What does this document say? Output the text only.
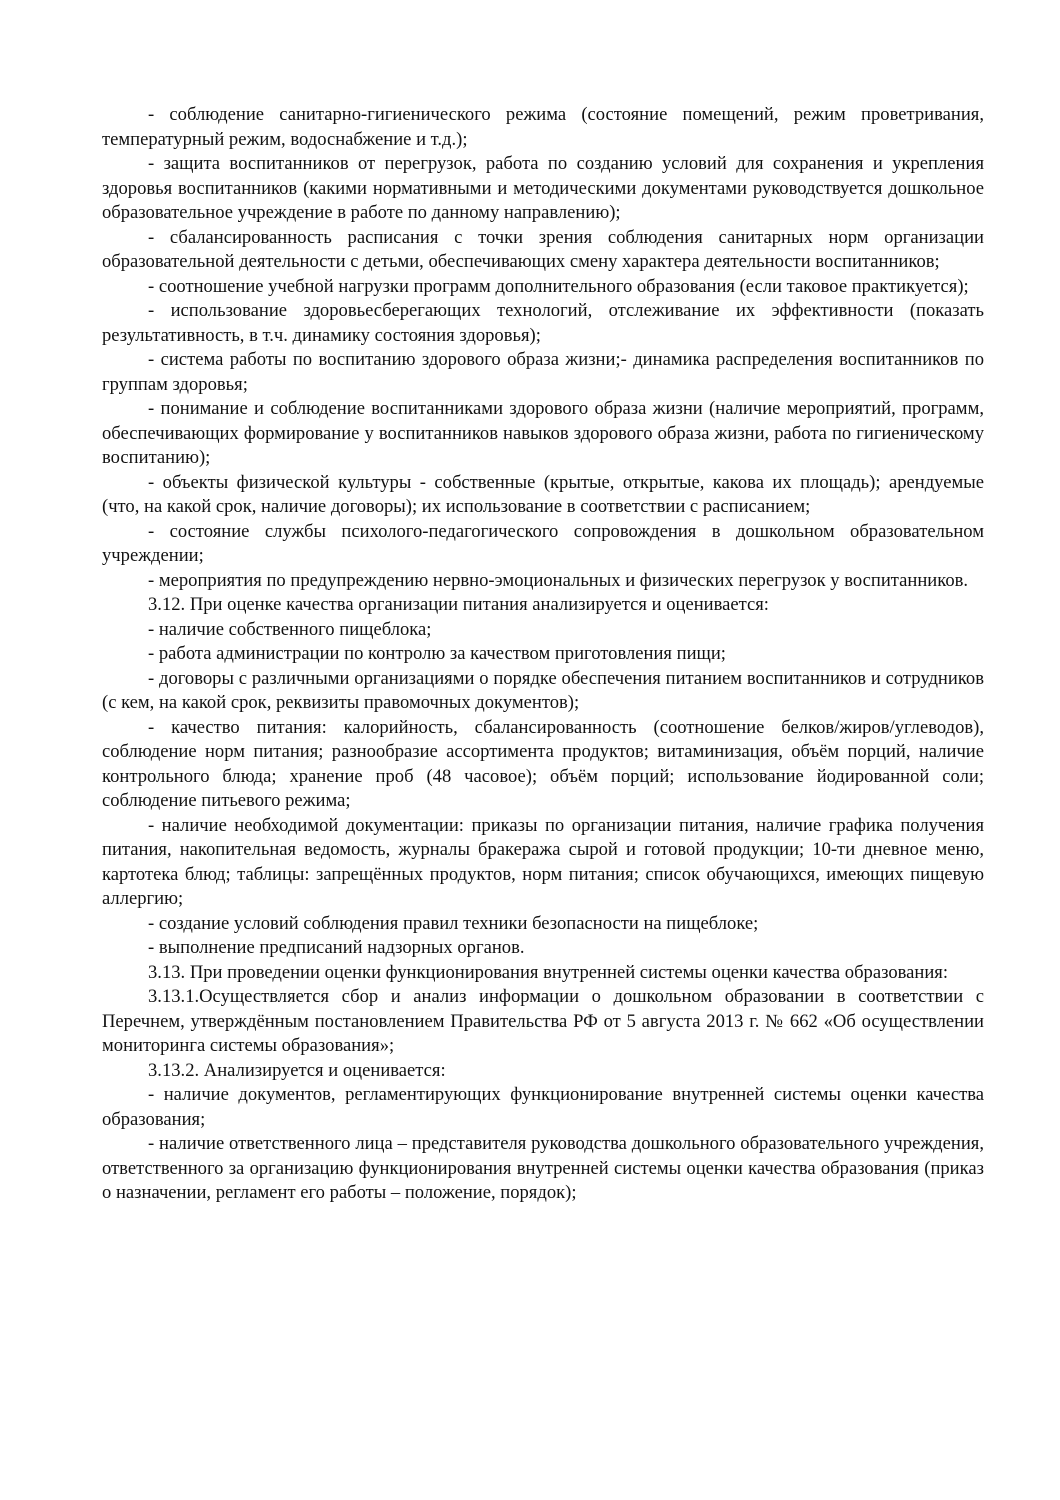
- соблюдение санитарно-гигиенического режима (состояние помещений, режим проветривания, температурный режим, водоснабжение и т.д.);

- защита воспитанников от перегрузок, работа по созданию условий для сохранения и укрепления здоровья воспитанников (какими нормативными и методическими документами руководствуется дошкольное образовательное учреждение в работе по данному направлению);

- сбалансированность расписания с точки зрения соблюдения санитарных норм организации образовательной деятельности с детьми, обеспечивающих смену характера деятельности воспитанников;

- соотношение учебной нагрузки программ дополнительного образования (если таковое практикуется);

- использование здоровьесберегающих технологий, отслеживание их эффективности (показать результативность, в т.ч. динамику состояния здоровья);

- система работы по воспитанию здорового образа жизни;- динамика распределения воспитанников по группам здоровья;

- понимание и соблюдение воспитанниками здорового образа жизни (наличие мероприятий, программ, обеспечивающих формирование у воспитанников навыков здорового образа жизни, работа по гигиеническому воспитанию);

- объекты физической культуры - собственные (крытые, открытые, какова их площадь); арендуемые (что, на какой срок, наличие договоры); их использование в соответствии с расписанием;

- состояние службы психолого-педагогического сопровождения в дошкольном образовательном учреждении;

- мероприятия по предупреждению нервно-эмоциональных и физических перегрузок у воспитанников.

3.12. При оценке качества организации питания анализируется и оценивается:

- наличие собственного пищеблока;

- работа администрации по контролю за качеством приготовления пищи;

- договоры с различными организациями о порядке обеспечения питанием воспитанников и сотрудников (с кем, на какой срок, реквизиты правомочных документов);

- качество питания: калорийность, сбалансированность (соотношение белков/жиров/углеводов), соблюдение норм питания; разнообразие ассортимента продуктов; витаминизация, объём порций, наличие контрольного блюда; хранение проб (48 часовое); объём порций; использование йодированной соли; соблюдение питьевого режима;

- наличие необходимой документации: приказы по организации питания, наличие графика получения питания, накопительная ведомость, журналы бракеража сырой и готовой продукции; 10-ти дневное меню, картотека блюд; таблицы: запрещённых продуктов, норм питания; список обучающихся, имеющих пищевую аллергию;

- создание условий соблюдения правил техники безопасности на пищеблоке;

- выполнение предписаний надзорных органов.

3.13. При проведении оценки функционирования внутренней системы оценки качества образования:

3.13.1.Осуществляется сбор и анализ информации о дошкольном образовании в соответствии с Перечнем, утверждённым постановлением Правительства РФ от 5 августа 2013 г. № 662 «Об осуществлении мониторинга системы образования»;

3.13.2. Анализируется и оценивается:

- наличие документов, регламентирующих функционирование внутренней системы оценки качества образования;

- наличие ответственного лица – представителя руководства дошкольного образовательного учреждения, ответственного за организацию функционирования внутренней системы оценки качества образования (приказ о назначении, регламент его работы – положение, порядок);
